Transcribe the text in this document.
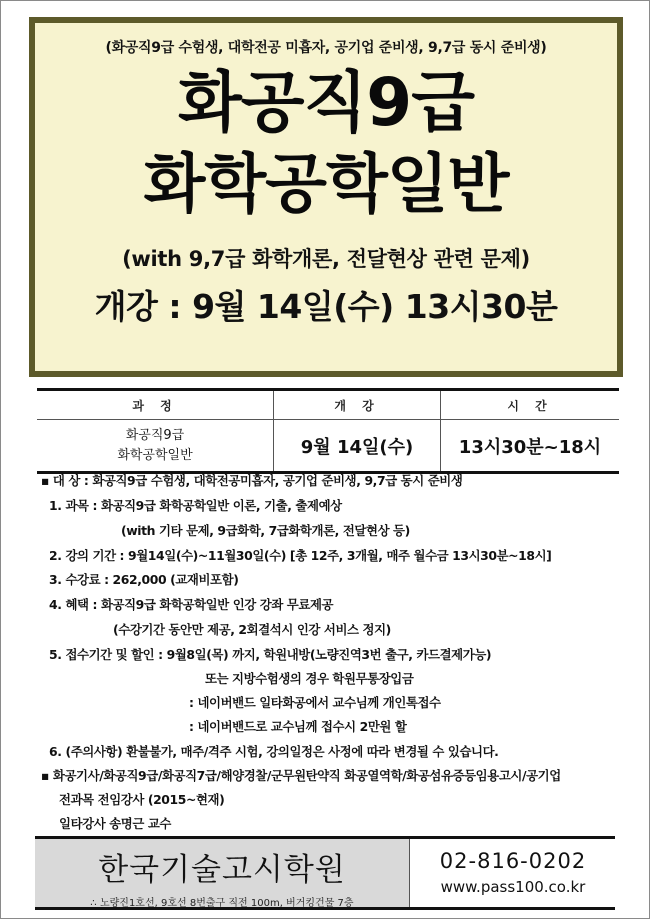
(화공직9급 수험생, 대학전공 미흡자, 공기업 준비생, 9,7급 동시 준비생)
화공직9급
화학공학일반
(with 9,7급 화학개론, 전달현상 관련 문제)
개강 : 9월 14일(수) 13시30분
과 정	개 강	시 간

화공직9급
화학공학일반	9월 14일(수)	13시30분~18시
▪ 대 상 : 화공직9급 수험생, 대학전공미흡자, 공기업 준비생, 9,7급 동시 준비생
1. 과목 : 화공직9급 화학공학일반 이론, 기출, 출제예상
(with 기타 문제, 9급화학, 7급화학개론, 전달현상 등)
2. 강의 기간 : 9월14일(수)~11월30일(수) [총 12주, 3개월, 매주 월수금 13시30분~18시]
3. 수강료 : 262,000 (교재비포함)
4. 혜택 : 화공직9급 화학공학일반 인강 강좌 무료제공
(수강기간 동안만 제공, 2회결석시 인강 서비스 정지)
5. 접수기간 및 할인 : 9월8일(목) 까지, 학원내방(노량진역3번 출구, 카드결제가능)
또는 지방수험생의 경우 학원무통장입금
: 네이버밴드 일타화공에서 교수님께 개인톡접수
: 네이버밴드로 교수님께 접수시 2만원 할
6. (주의사항) 환불불가, 매주/격주 시험, 강의일정은 사정에 따라 변경될 수 있습니다.
▪ 화공기사/화공직9급/화공직7급/해양경찰/군무원탄약직 화공열역학/화공섬유증등임용고시/공기업
전과목 전임강사 (2015~현재)
일타강사 송명근 교수
한국기술고시학원
∴ 노량진1호선, 9호선 8번출구 직전 100m, 버거킹건물 7층
02-816-0202
www.pass100.co.kr
